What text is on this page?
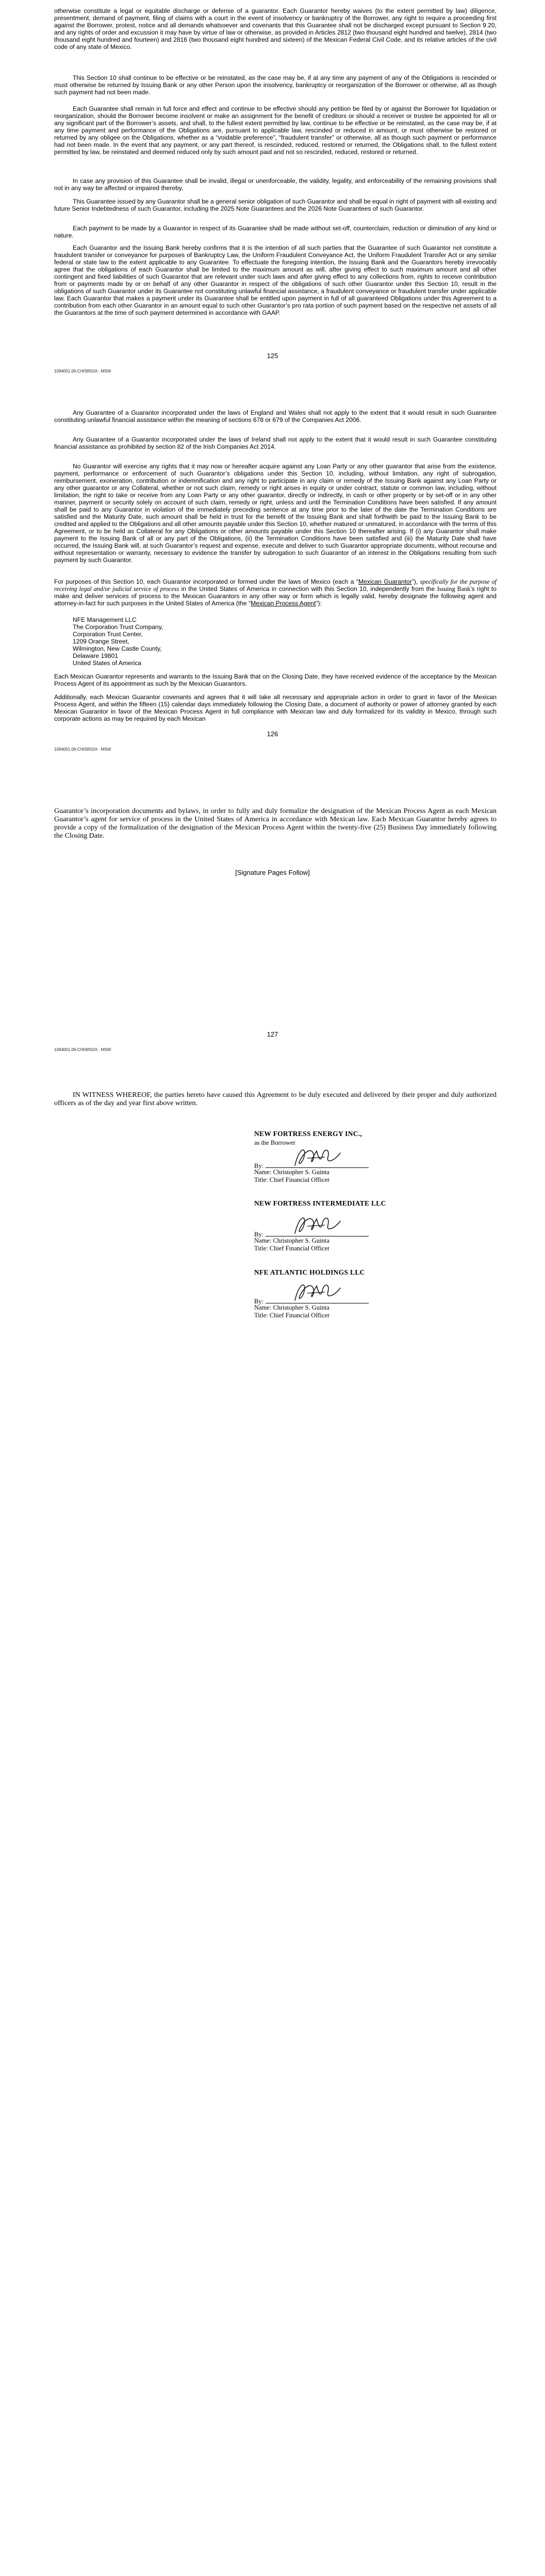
otherwise constitute a legal or equitable discharge or defense of a guarantor. Each Guarantor hereby waives (to the extent permitted by law) diligence, presentment, demand of payment, filing of claims with a court in the event of insolvency or bankruptcy of the Borrower, any right to require a proceeding first against the Borrower, protest, notice and all demands whatsoever and covenants that this Guarantee shall not be discharged except pursuant to Section 9.20, and any rights of order and excussion it may have by virtue of law or otherwise, as provided in Articles 2812 (two thousand eight hundred and twelve), 2814 (two thousand eight hundred and fourteen) and 2816 (two thousand eight hundred and sixteen) of the Mexican Federal Civil Code, and its relative articles of the civil code of any state of Mexico.

This Section 10 shall continue to be effective or be reinstated, as the case may be, if at any time any payment of any of the Obligations is rescinded or must otherwise be returned by Issuing Bank or any other Person upon the insolvency, bankruptcy or reorganization of the Borrower or otherwise, all as though such payment had not been made.

Each Guarantee shall remain in full force and effect and continue to be effective should any petition be filed by or against the Borrower for liquidation or reorganization, should the Borrower become insolvent or make an assignment for the benefit of creditors or should a receiver or trustee be appointed for all or any significant part of the Borrower’s assets, and shall, to the fullest extent permitted by law, continue to be effective or be reinstated, as the case may be, if at any time payment and performance of the Obligations are, pursuant to applicable law, rescinded or reduced in amount, or must otherwise be restored or returned by any obligee on the Obligations, whether as a “voidable preference”, “fraudulent transfer” or otherwise, all as though such payment or performance had not been made. In the event that any payment, or any part thereof, is rescinded, reduced, restored or returned, the Obligations shall, to the fullest extent permitted by law, be reinstated and deemed reduced only by such amount paid and not so rescinded, reduced, restored or returned.

In case any provision of this Guarantee shall be invalid, illegal or unenforceable, the validity, legality, and enforceability of the remaining provisions shall not in any way be affected or impaired thereby.

This Guarantee issued by any Guarantor shall be a general senior obligation of such Guarantor and shall be equal in right of payment with all existing and future Senior Indebtedness of such Guarantor, including the 2025 Note Guarantees and the 2026 Note Guarantees of such Guarantor.

Each payment to be made by a Guarantor in respect of its Guarantee shall be made without set-off, counterclaim, reduction or diminution of any kind or nature.

Each Guarantor and the Issuing Bank hereby confirms that it is the intention of all such parties that the Guarantee of such Guarantor not constitute a fraudulent transfer or conveyance for purposes of Bankruptcy Law, the Uniform Fraudulent Conveyance Act, the Uniform Fraudulent Transfer Act or any similar federal or state law to the extent applicable to any Guarantee. To effectuate the foregoing intention, the Issuing Bank and the Guarantors hereby irrevocably agree that the obligations of each Guarantor shall be limited to the maximum amount as will, after giving effect to such maximum amount and all other contingent and fixed liabilities of such Guarantor that are relevant under such laws and after giving effect to any collections from, rights to receive contribution from or payments made by or on behalf of any other Guarantor in respect of the obligations of such other Guarantor under this Section 10, result in the obligations of such Guarantor under its Guarantee not constituting unlawful financial assistance, a fraudulent conveyance or fraudulent transfer under applicable law. Each Guarantor that makes a payment under its Guarantee shall be entitled upon payment in full of all guaranteed Obligations under this Agreement to a contribution from each other Guarantor in an amount equal to such other Guarantor’s pro rata portion of such payment based on the respective net assets of all the Guarantors at the time of such payment determined in accordance with GAAP.

125
1094001.06-CHISR02A - MSW

Any Guarantee of a Guarantor incorporated under the laws of England and Wales shall not apply to the extent that it would result in such Guarantee constituting unlawful financial assistance within the meaning of sections 678 or 679 of the Companies Act 2006.

Any Guarantee of a Guarantor incorporated under the laws of Ireland shall not apply to the extent that it would result in such Guarantee constituting financial assistance as prohibited by section 82 of the Irish Companies Act 2014.

No Guarantor will exercise any rights that it may now or hereafter acquire against any Loan Party or any other guarantor that arise from the existence, payment, performance or enforcement of such Guarantor’s obligations under this Section 10, including, without limitation, any right of subrogation, reimbursement, exoneration, contribution or indemnification and any right to participate in any claim or remedy of the Issuing Bank against any Loan Party or any other guarantor or any Collateral, whether or not such claim, remedy or right arises in equity or under contract, statute or common law, including, without limitation, the right to take or receive from any Loan Party or any other guarantor, directly or indirectly, in cash or other property or by set-off or in any other manner, payment or security solely on account of such claim, remedy or right, unless and until the Termination Conditions have been satisfied. If any amount shall be paid to any Guarantor in violation of the immediately preceding sentence at any time prior to the later of the date the Termination Conditions are satisfied and the Maturity Date, such amount shall be held in trust for the benefit of the Issuing Bank and shall forthwith be paid to the Issuing Bank to be credited and applied to the Obligations and all other amounts payable under this Section 10, whether matured or unmatured, in accordance with the terms of this Agreement, or to be held as Collateral for any Obligations or other amounts payable under this Section 10 thereafter arising. If (i) any Guarantor shall make payment to the Issuing Bank of all or any part of the Obligations, (ii) the Termination Conditions have been satisfied and (iii) the Maturity Date shall have occurred, the Issuing Bank will, at such Guarantor’s request and expense, execute and deliver to such Guarantor appropriate documents, without recourse and without representation or warranty, necessary to evidence the transfer by subrogation to such Guarantor of an interest in the Obligations resulting from such payment by such Guarantor.

For purposes of this Section 10, each Guarantor incorporated or formed under the laws of Mexico (each a “Mexican Guarantor”), specifically for the purpose of receiving legal and/or judicial service of process in the United States of America in connection with this Section 10, independently from the Issuing Bank’s right to make and deliver services of process to the Mexican Guarantors in any other way or form which is legally valid, hereby designate the following agent and attorney-in-fact for such purposes in the United States of America (the “Mexican Process Agent”):

NFE Management LLC

The Corporation Trust Company,

Corporation Trust Center,

1209 Orange Street,

Wilmington, New Castle County,

Delaware 19801

United States of America

Each Mexican Guarantor represents and warrants to the Issuing Bank that on the Closing Date, they have received evidence of the acceptance by the Mexican Process Agent of its appointment as such by the Mexican Guarantors.

Additionally, each Mexican Guarantor covenants and agrees that it will take all necessary and appropriate action in order to grant in favor of the Mexican Process Agent, and within the fifteen (15) calendar days immediately following the Closing Date, a document of authority or power of attorney granted by each Mexican Guarantor in favor of the Mexican Process Agent in full compliance with Mexican law and duly formalized for its validity in Mexico, through such corporate actions as may be required by each Mexican

126
1094001.06-CHISR02A - MSW

Guarantor’s incorporation documents and bylaws, in order to fully and duly formalize the designation of the Mexican Process Agent as each Mexican Guarantor’s agent for service of process in the United States of America in accordance with Mexican law. Each Mexican Guarantor hereby agrees to provide a copy of the formalization of the designation of the Mexican Process Agent within the twenty-five (25) Business Day immediately following the Closing Date.

[Signature Pages Follow]
127
1094001.06-CHISR02A - MSW

IN WITNESS WHEREOF, the parties hereto have caused this Agreement to be duly executed and delivered by their proper and duly authorized officers as of the day and year first above written.

NEW FORTRESS ENERGY INC.,
as the Borrower
By:
Name: Christopher S. Guinta
Title: Chief Financial Officer
NEW FORTRESS INTERMEDIATE LLC
By:
Name: Christopher S. Guinta
Title: Chief Financial Officer
NFE ATLANTIC HOLDINGS LLC
By:
Name: Christopher S. Guinta
Title: Chief Financial Officer
